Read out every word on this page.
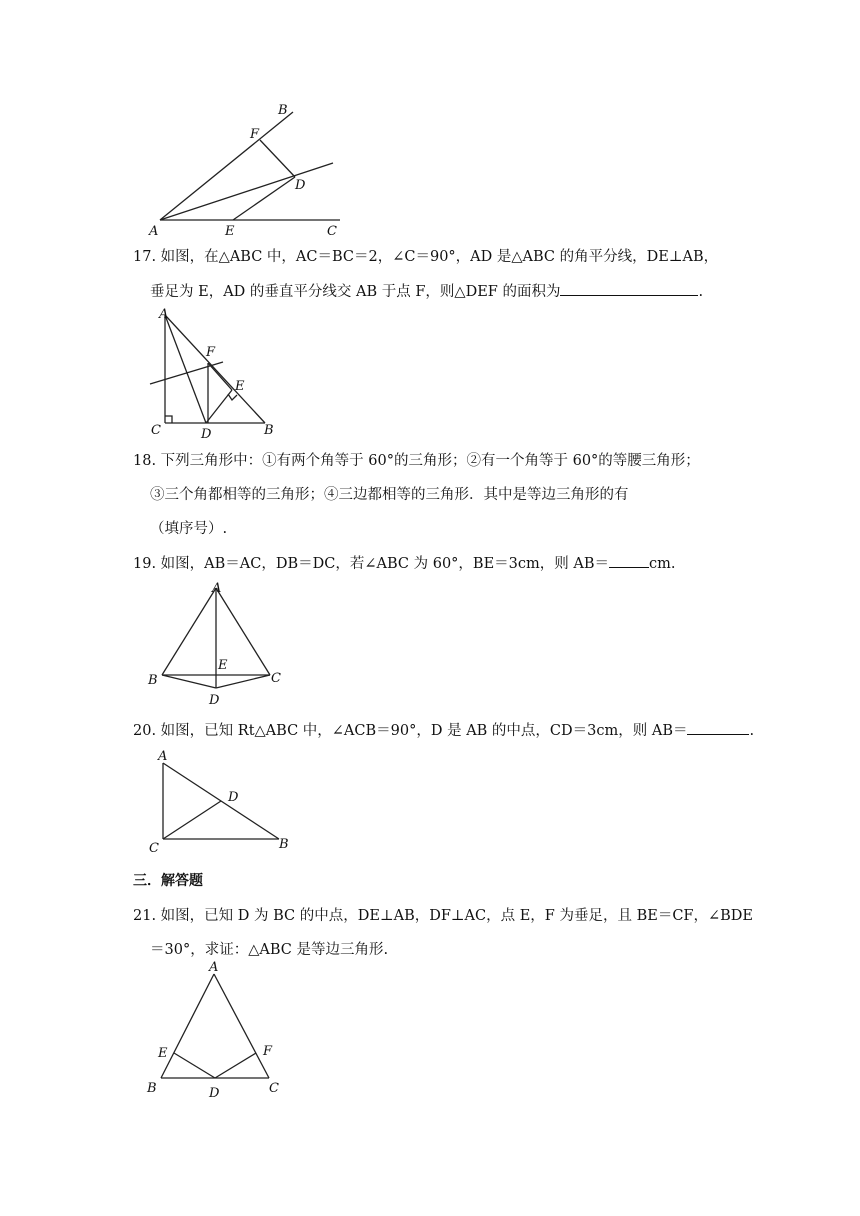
B
F
D
A	E	C
17. 如图，在△ABC 中，AC＝BC＝2，∠C＝90°，AD 是△ABC 的角平分线，DE⊥AB，
垂足为 E，AD 的垂直平分线交 AB 于点 F，则△DEF 的面积为	.
A
F
E
C	D	B
18. 下列三角形中：①有两个角等于 60°的三角形；②有一个角等于 60°的等腰三角形；
③三个角都相等的三角形；④三边都相等的三角形．其中是等边三角形的有
（填序号）.
19. 如图，AB＝AC，DB＝DC，若∠ABC 为 60°，BE＝3cm，则 AB＝	cm.
A
E
B	C
D
20. 如图，已知 Rt△ABC 中，∠ACB＝90°，D 是 AB 的中点，CD＝3cm，则 AB＝	.
A
D
C	B
三．解答题
21. 如图，已知 D 为 BC 的中点，DE⊥AB，DF⊥AC，点 E，F 为垂足，且 BE＝CF，∠BDE
＝30°，求证：△ABC 是等边三角形.
A
E	F
B	D	C
